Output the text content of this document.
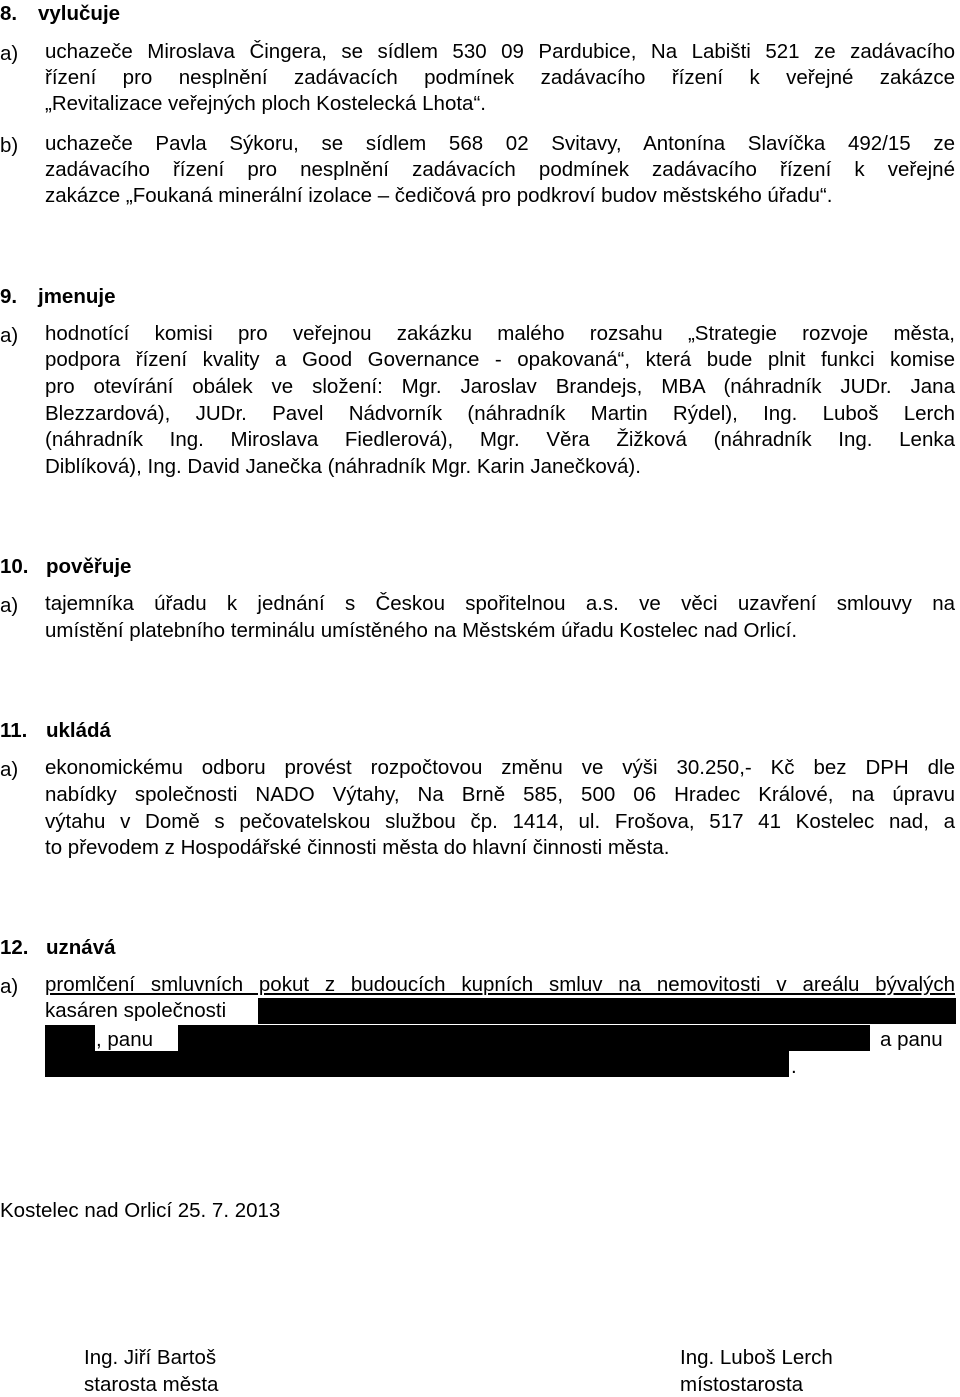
8. vylučuje
a) uchazeče Miroslava Čingera, se sídlem 530 09 Pardubice, Na Labišti 521 ze zadávacího
řízení pro nesplnění zadávacích podmínek zadávacího řízení k veřejné zakázce
„Revitalizace veřejných ploch Kostelecká Lhota“.
b) uchazeče Pavla Sýkoru, se sídlem 568 02 Svitavy, Antonína Slavíčka 492/15 ze
zadávacího řízení pro nesplnění zadávacích podmínek zadávacího řízení k veřejné
zakázce „Foukaná minerální izolace – čedičová pro podkroví budov městského úřadu“.
9. jmenuje
a) hodnotící komisi pro veřejnou zakázku malého rozsahu „Strategie rozvoje města,
podpora řízení kvality a Good Governance - opakovaná“, která bude plnit funkci komise
pro otevírání obálek ve složení: Mgr. Jaroslav Brandejs, MBA (náhradník JUDr. Jana
Blezzardová), JUDr. Pavel Nádvorník (náhradník Martin Rýdel), Ing. Luboš Lerch
(náhradník Ing. Miroslava Fiedlerová), Mgr. Věra Žižková (náhradník Ing. Lenka
Diblíková), Ing. David Janečka (náhradník Mgr. Karin Janečková).
10. pověřuje
a) tajemníka úřadu k jednání s Českou spořitelnou a.s. ve věci uzavření smlouvy na
umístění platebního terminálu umístěného na Městském úřadu Kostelec nad Orlicí.
11. ukládá
a) ekonomickému odboru provést rozpočtovou změnu ve výši 30.250,- Kč bez DPH dle
nabídky společnosti NADO Výtahy, Na Brně 585, 500 06 Hradec Králové, na úpravu
výtahu v Domě s pečovatelskou službou čp. 1414, ul. Frošova, 517 41 Kostelec nad, a
to převodem z Hospodářské činnosti města do hlavní činnosti města.
12. uznává
a) promlčení smluvních pokut z budoucích kupních smluv na nemovitosti v areálu bývalých
kasáren společnosti
, panu	a panu
.
Kostelec nad Orlicí 25. 7. 2013
Ing. Jiří Bartoš
starosta města
Ing. Luboš Lerch
místostarosta
